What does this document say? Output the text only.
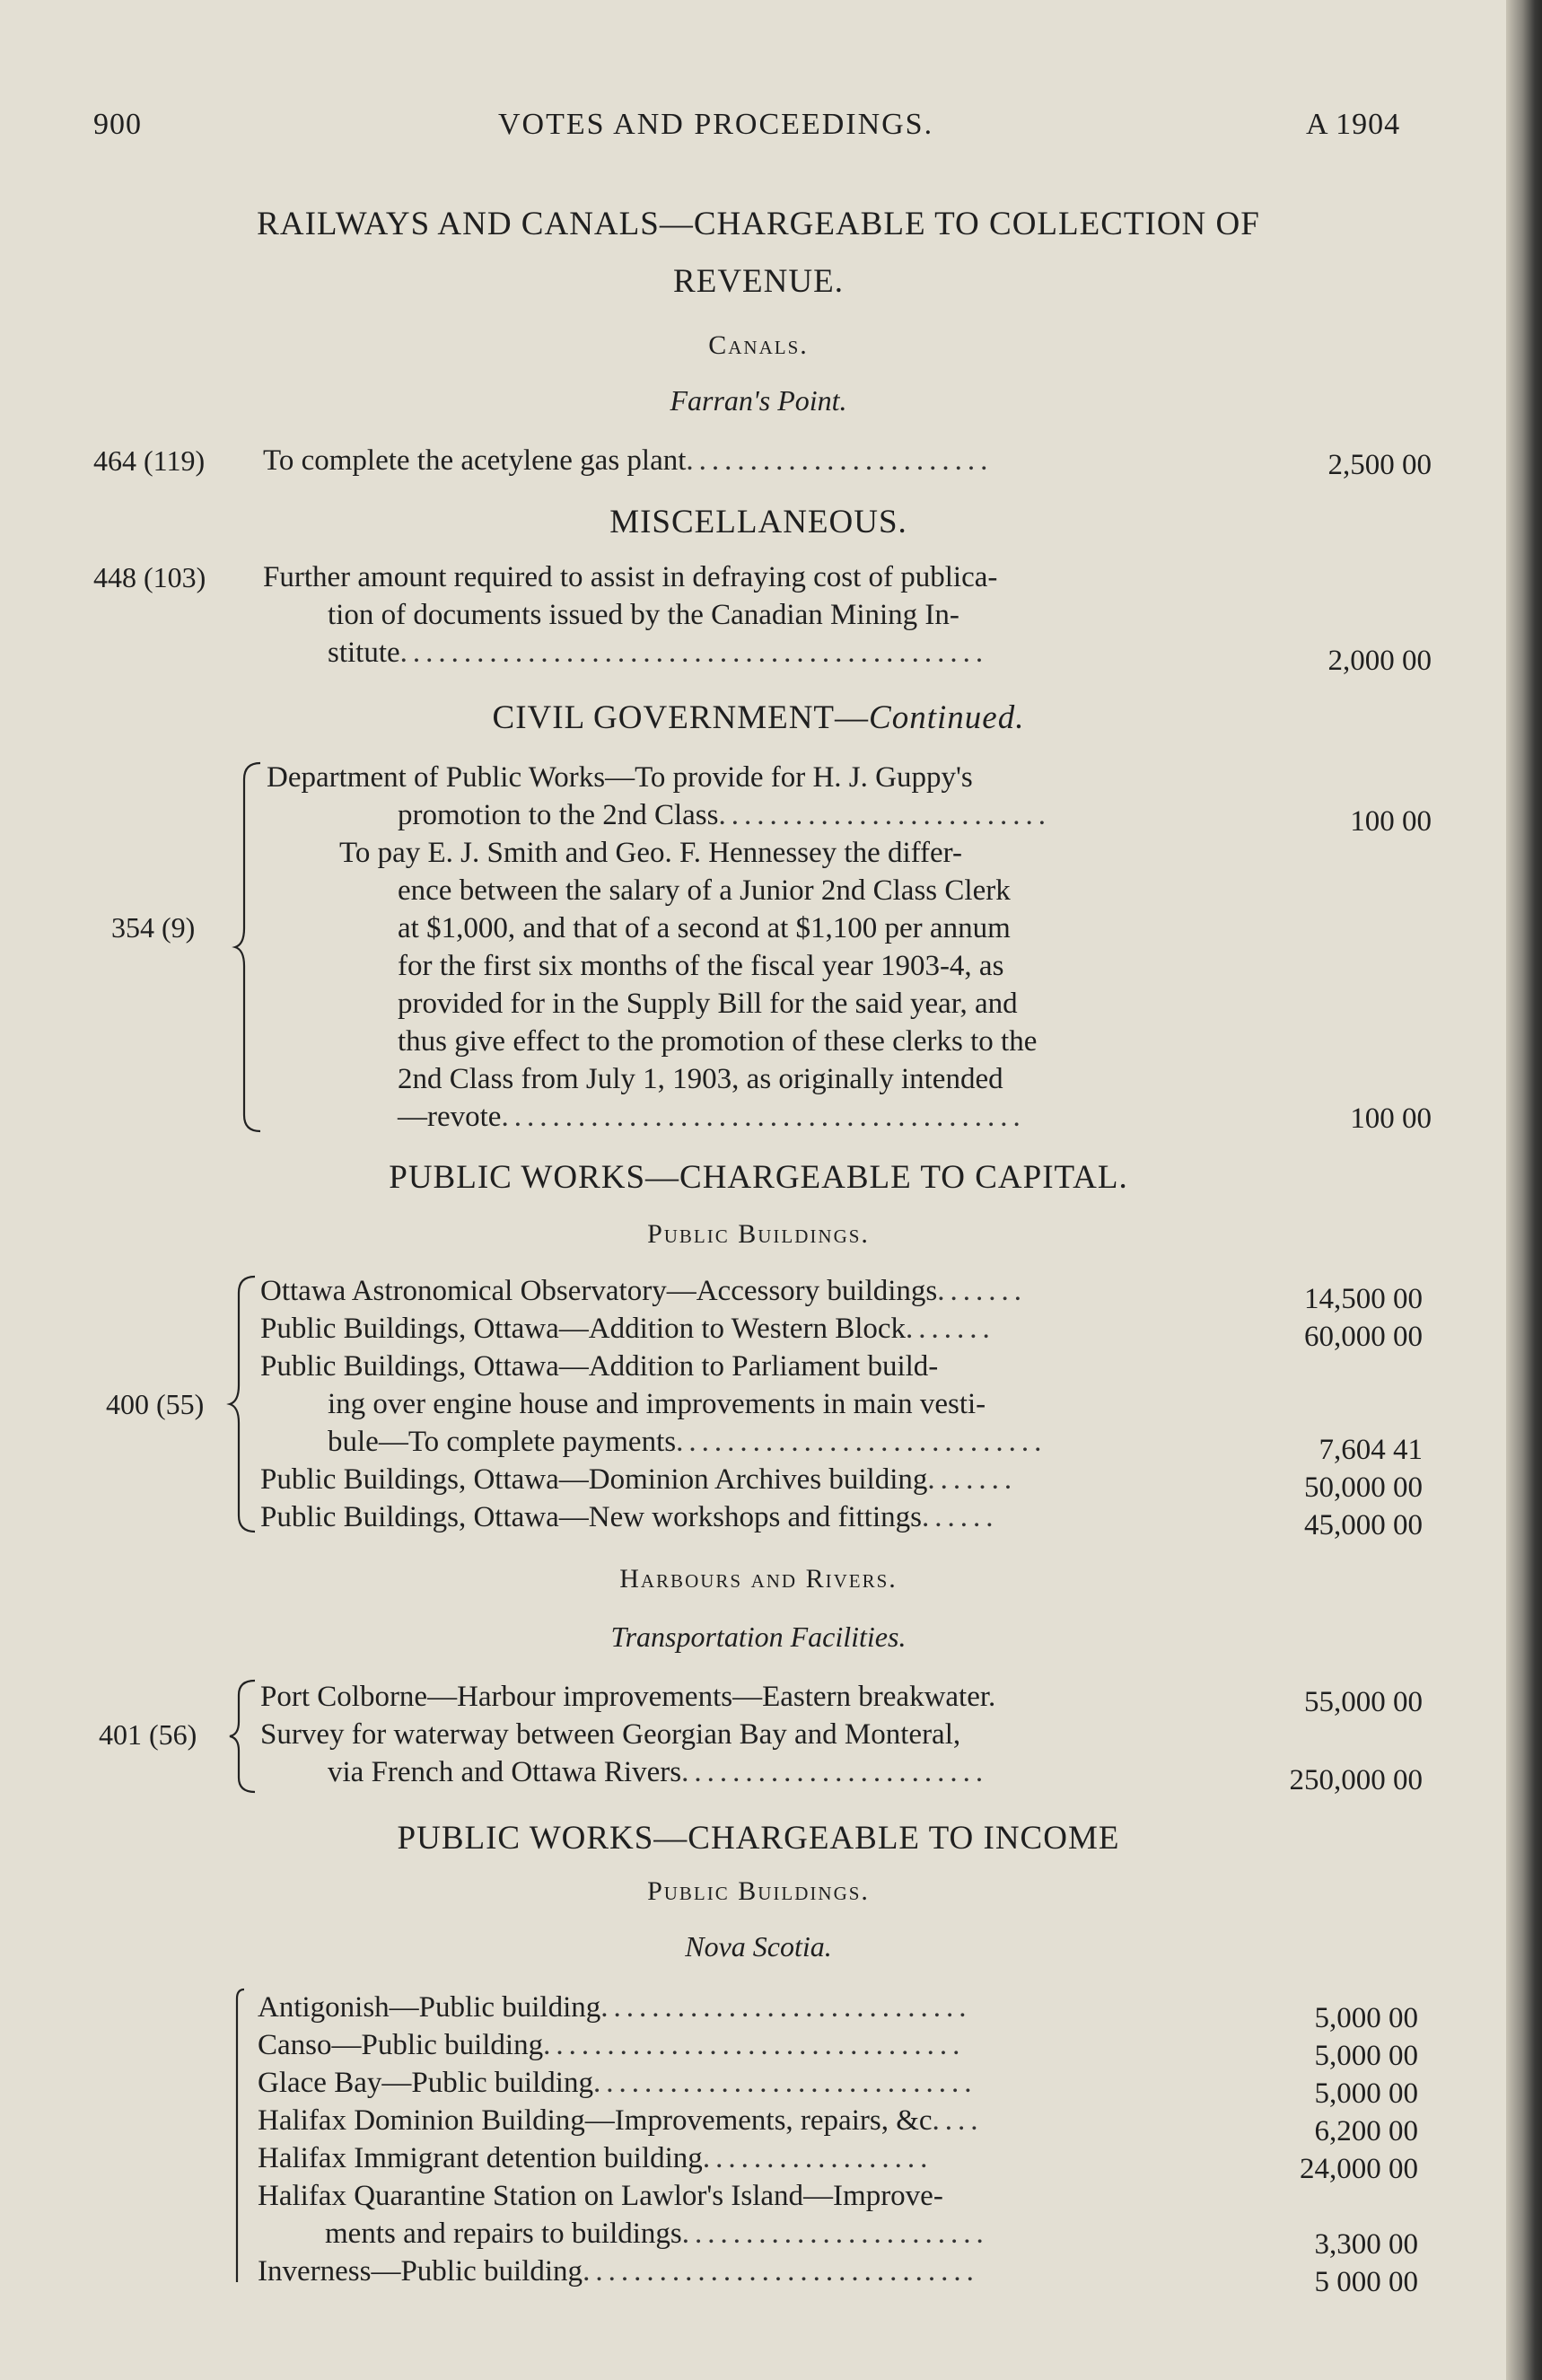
900	VOTES AND PROCEEDINGS.	A 1904
RAILWAYS AND CANALS—CHARGEABLE TO COLLECTION OF
REVENUE.
Canals.
Farran's Point.
464 (119) To complete the acetylene gas plant........................	2,500 00
MISCELLANEOUS.
448 (103) Further amount required to assist in defraying cost of publica-
tion of documents issued by the Canadian Mining In-
stitute..............................................	2,000 00
CIVIL GOVERNMENT—Continued.
354 (9)
Department of Public Works—To provide for H. J. Guppy's
promotion to the 2nd Class..........................	100 00
To pay E. J. Smith and Geo. F. Hennessey the differ-
ence between the salary of a Junior 2nd Class Clerk
at $1,000, and that of a second at $1,100 per annum
for the first six months of the fiscal year 1903-4, as
provided for in the Supply Bill for the said year, and
thus give effect to the promotion of these clerks to the
2nd Class from July 1, 1903, as originally intended
—revote.........................................	100 00
PUBLIC WORKS—CHARGEABLE TO CAPITAL.
Public Buildings.
400 (55)
Ottawa Astronomical Observatory—Accessory buildings.......	14,500 00
Public Buildings, Ottawa—Addition to Western Block.......	60,000 00
Public Buildings, Ottawa—Addition to Parliament build-
ing over engine house and improvements in main vesti-
bule—To complete payments.............................	7,604 41
Public Buildings, Ottawa—Dominion Archives building.......	50,000 00
Public Buildings, Ottawa—New workshops and fittings......	45,000 00
Harbours and Rivers.
Transportation Facilities.
401 (56)
Port Colborne—Harbour improvements—Eastern breakwater.	55,000 00
Survey for waterway between Georgian Bay and Monteral,
via French and Ottawa Rivers........................	250,000 00
PUBLIC WORKS—CHARGEABLE TO INCOME
Public Buildings.
Nova Scotia.
Antigonish—Public building.............................	5,000 00
Canso—Public building.................................	5,000 00
Glace Bay—Public building..............................	5,000 00
Halifax Dominion Building—Improvements, repairs, &c....	6,200 00
Halifax Immigrant detention building..................	24,000 00
Halifax Quarantine Station on Lawlor's Island—Improve-
ments and repairs to buildings........................	3,300 00
Inverness—Public building...............................	5 000 00
